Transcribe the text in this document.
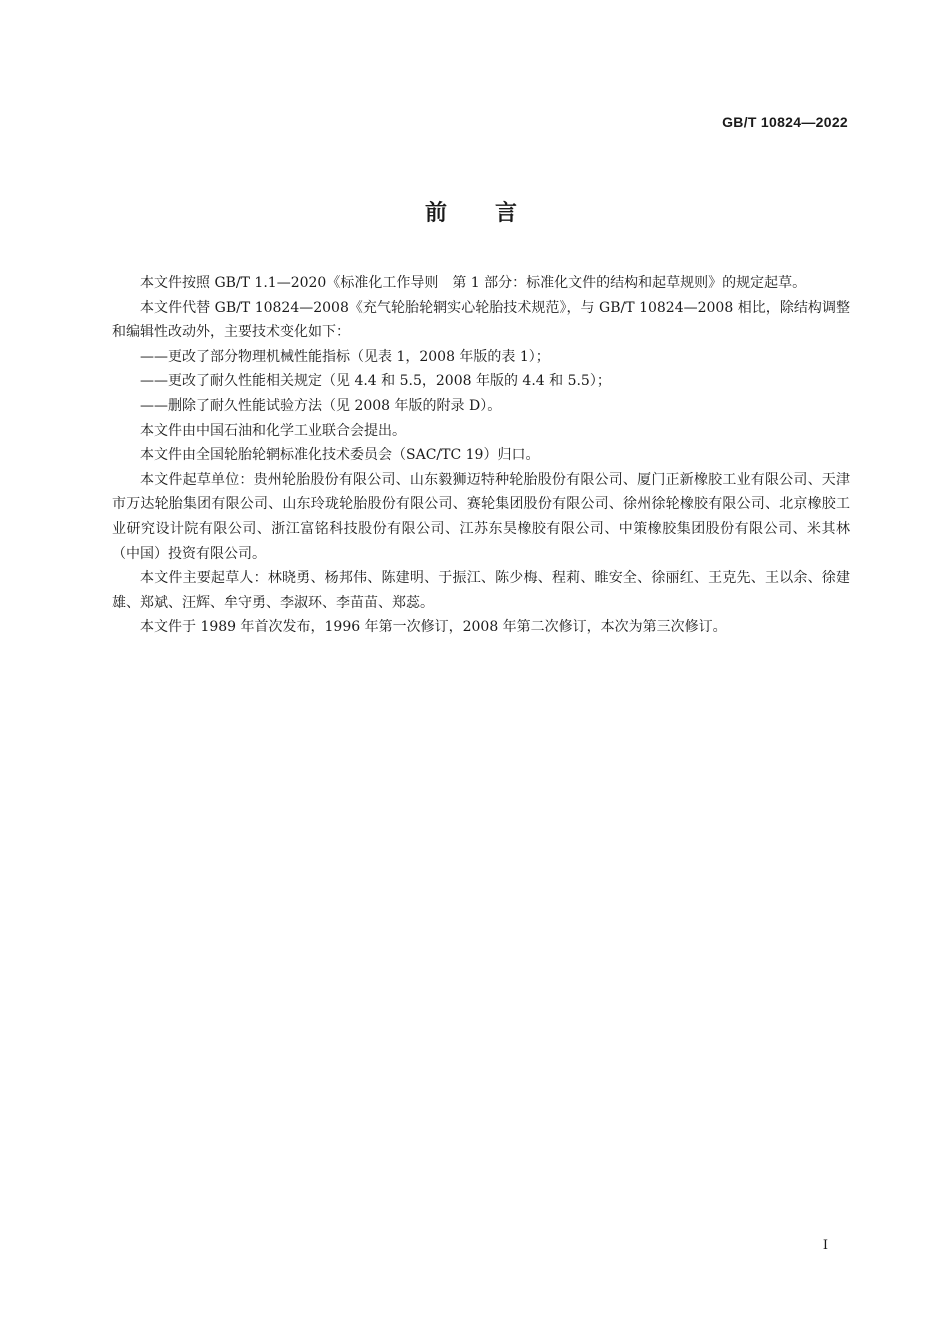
GB/T 10824—2022
前言

本文件按照 GB/T 1.1—2020《标准化工作导则　第 1 部分：标准化文件的结构和起草规则》的规定起草。

本文件代替 GB/T 10824—2008《充气轮胎轮辋实心轮胎技术规范》，与 GB/T 10824—2008 相比，除结构调整和编辑性改动外，主要技术变化如下：

——更改了部分物理机械性能指标（见表 1，2008 年版的表 1）；

——更改了耐久性能相关规定（见 4.4 和 5.5，2008 年版的 4.4 和 5.5）；

——删除了耐久性能试验方法（见 2008 年版的附录 D）。

本文件由中国石油和化学工业联合会提出。

本文件由全国轮胎轮辋标准化技术委员会（SAC/TC 19）归口。

本文件起草单位：贵州轮胎股份有限公司、山东毅狮迈特种轮胎股份有限公司、厦门正新橡胶工业有限公司、天津市万达轮胎集团有限公司、山东玲珑轮胎股份有限公司、赛轮集团股份有限公司、徐州徐轮橡胶有限公司、北京橡胶工业研究设计院有限公司、浙江富铭科技股份有限公司、江苏东昊橡胶有限公司、中策橡胶集团股份有限公司、米其林（中国）投资有限公司。

本文件主要起草人：林晓勇、杨邦伟、陈建明、于振江、陈少梅、程莉、睢安全、徐丽红、王克先、王以余、徐建雄、郑斌、汪辉、牟守勇、李淑环、李苗苗、郑蕊。

本文件于 1989 年首次发布，1996 年第一次修订，2008 年第二次修订，本次为第三次修订。

I
